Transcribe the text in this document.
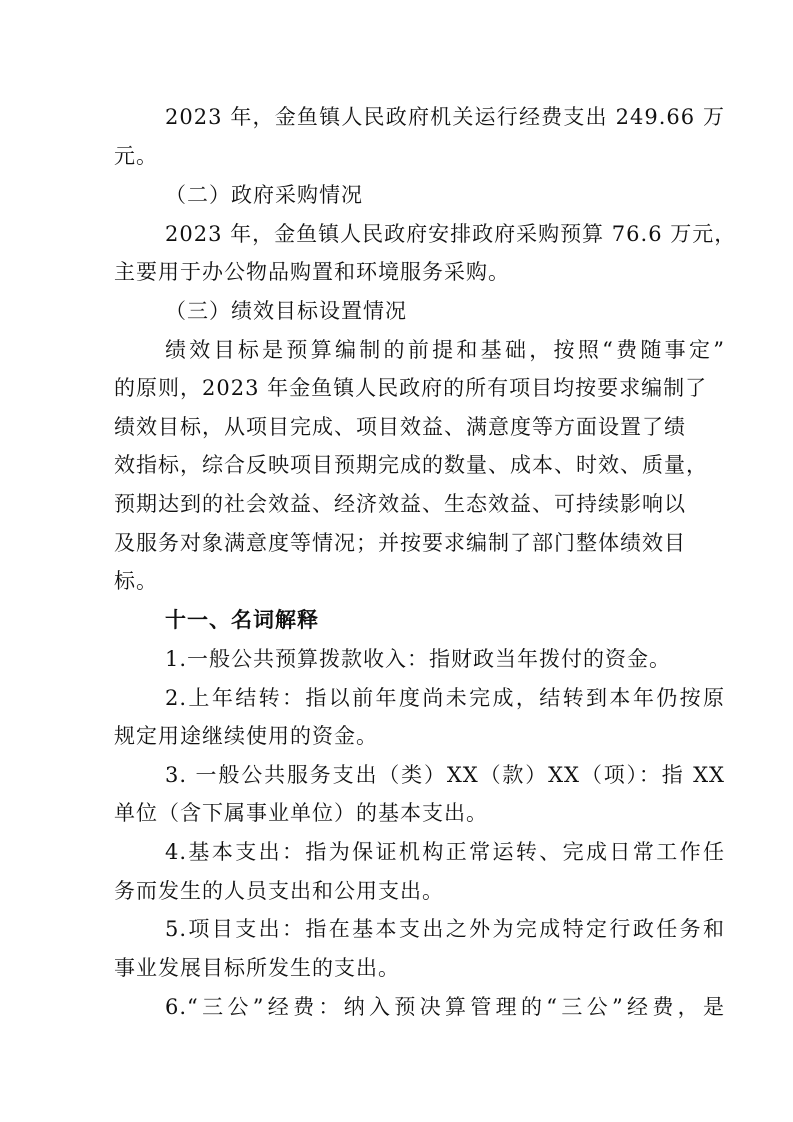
2023 年，金鱼镇人民政府机关运行经费支出 249.66 万
元。
（二）政府采购情况
2023 年，金鱼镇人民政府安排政府采购预算 76.6 万元，
主要用于办公物品购置和环境服务采购。
（三）绩效目标设置情况
绩效目标是预算编制的前提和基础，按照“费随事定”
的原则，2023 年金鱼镇人民政府的所有项目均按要求编制了
绩效目标，从项目完成、项目效益、满意度等方面设置了绩
效指标，综合反映项目预期完成的数量、成本、时效、质量，
预期达到的社会效益、经济效益、生态效益、可持续影响以
及服务对象满意度等情况；并按要求编制了部门整体绩效目
标。
十一、名词解释
1.一般公共预算拨款收入：指财政当年拨付的资金。
2.上年结转：指以前年度尚未完成，结转到本年仍按原
规定用途继续使用的资金。
3. 一般公共服务支出（类）XX（款）XX（项）：指 XX
单位（含下属事业单位）的基本支出。
4.基本支出：指为保证机构正常运转、完成日常工作任
务而发生的人员支出和公用支出。
5.项目支出：指在基本支出之外为完成特定行政任务和
事业发展目标所发生的支出。
6.“三公”经费：纳入预决算管理的“三公”经费，是
